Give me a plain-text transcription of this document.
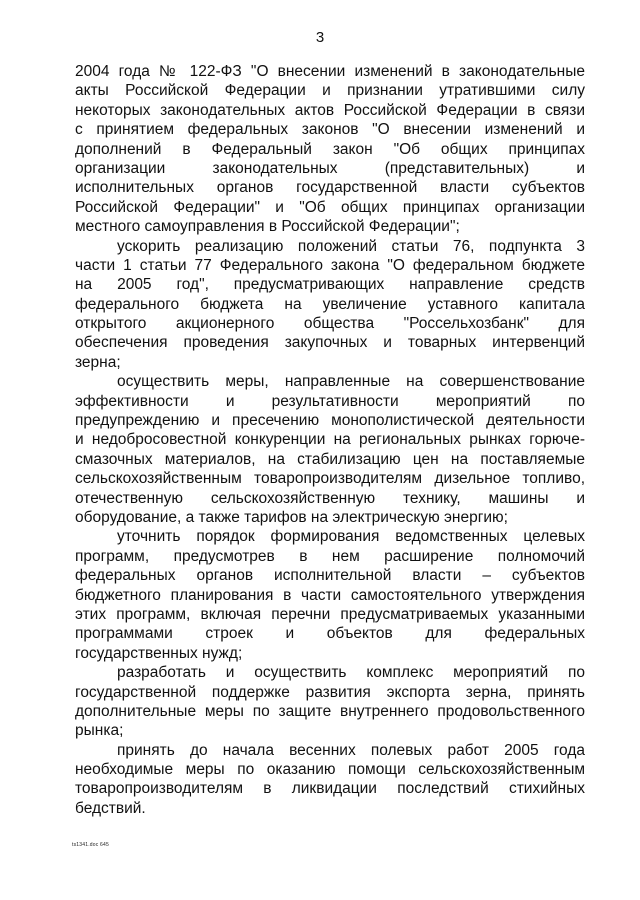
3
2004 года № 122-ФЗ "О внесении изменений в законодательные
акты Российской Федерации и признании утратившими силу
некоторых законодательных актов Российской Федерации в связи
с принятием федеральных законов "О внесении изменений и
дополнений в Федеральный закон "Об общих принципах
организации законодательных (представительных) и
исполнительных органов государственной власти субъектов
Российской Федерации" и "Об общих принципах организации
местного самоуправления в Российской Федерации";
ускорить реализацию положений статьи 76, подпункта 3
части 1 статьи 77 Федерального закона "О федеральном бюджете
на 2005 год", предусматривающих направление средств
федерального бюджета на увеличение уставного капитала
открытого акционерного общества "Россельхозбанк" для
обеспечения проведения закупочных и товарных интервенций
зерна;
осуществить меры, направленные на совершенствование
эффективности и результативности мероприятий по
предупреждению и пресечению монополистической деятельности
и недобросовестной конкуренции на региональных рынках горюче-
смазочных материалов, на стабилизацию цен на поставляемые
сельскохозяйственным товаропроизводителям дизельное топливо,
отечественную сельскохозяйственную технику, машины и
оборудование, а также тарифов на электрическую энергию;
уточнить порядок формирования ведомственных целевых
программ, предусмотрев в нем расширение полномочий
федеральных органов исполнительной власти – субъектов
бюджетного планирования в части самостоятельного утверждения
этих программ, включая перечни предусматриваемых указанными
программами строек и объектов для федеральных
государственных нужд;
разработать и осуществить комплекс мероприятий по
государственной поддержке развития экспорта зерна, принять
дополнительные меры по защите внутреннего продовольственного
рынка;
принять до начала весенних полевых работ 2005 года
необходимые меры по оказанию помощи сельскохозяйственным
товаропроизводителям в ликвидации последствий стихийных
бедствий.
ts1341.doc 645
